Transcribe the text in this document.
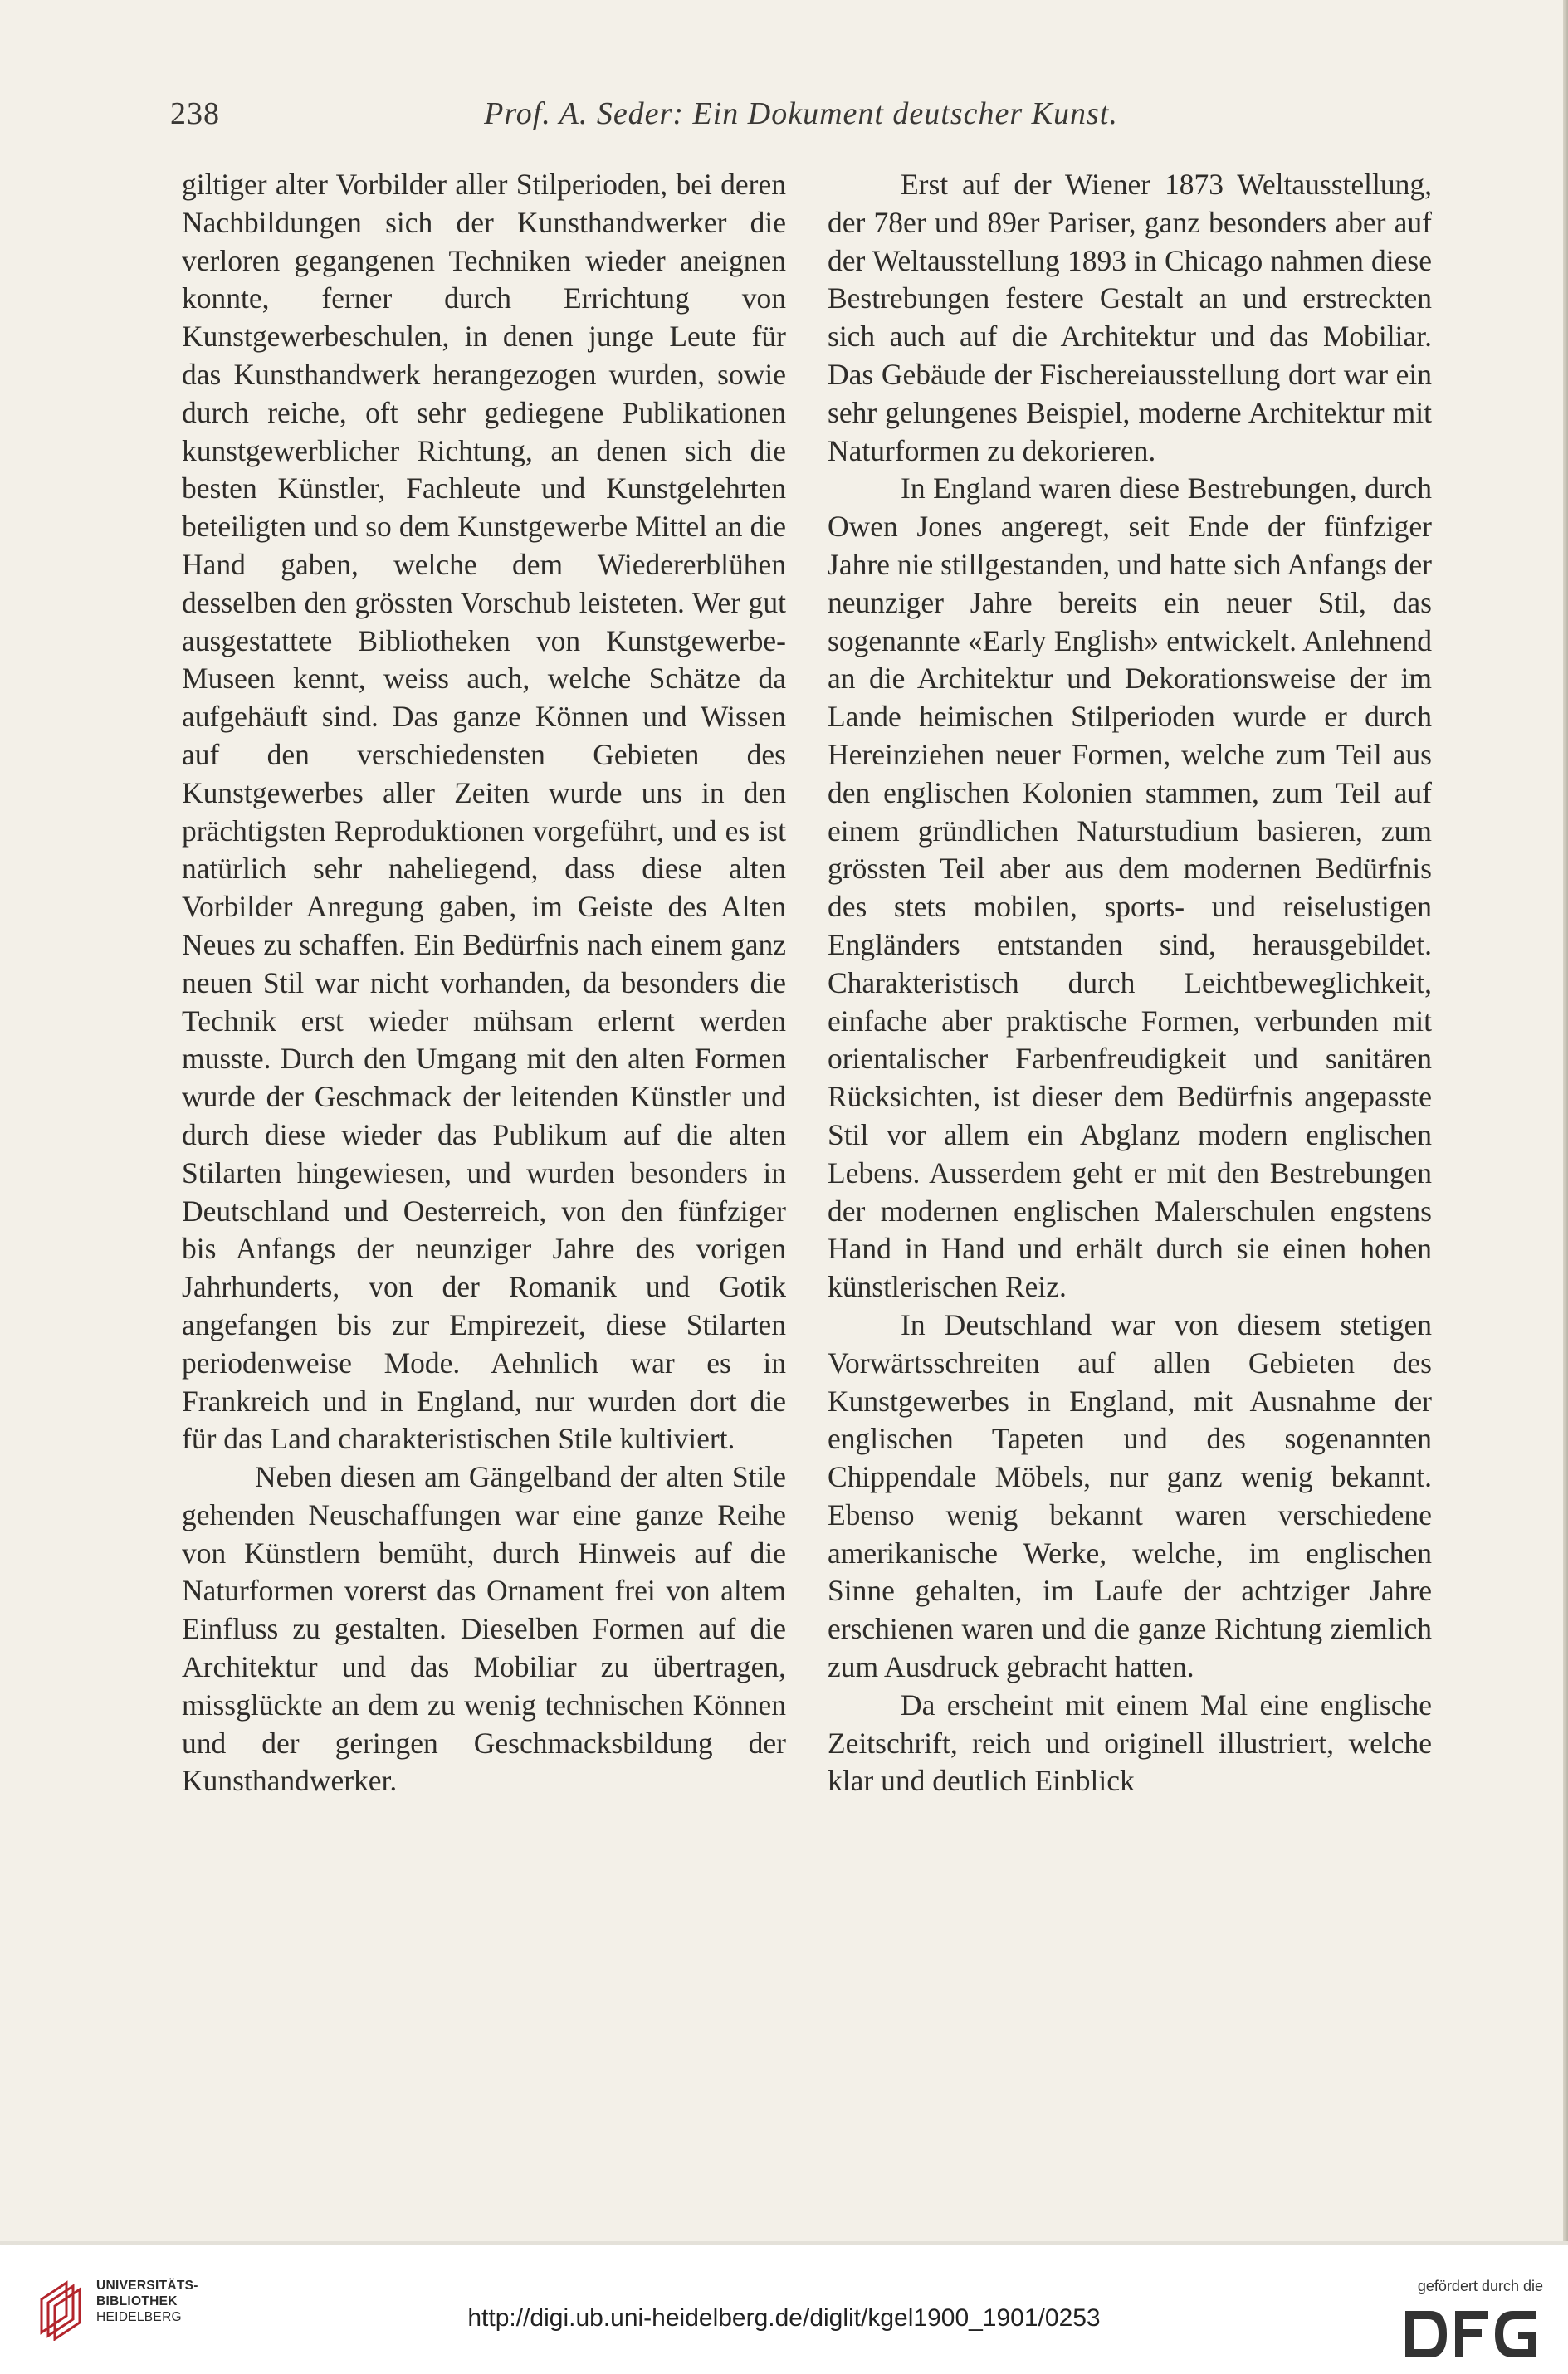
238	Prof. A. Seder: Ein Dokument deutscher Kunst.

giltiger alter Vorbilder aller Stilperioden, bei deren Nachbildungen sich der Kunsthandwerker die verloren gegangenen Techniken wieder aneignen konnte, ferner durch Errichtung von Kunstgewerbeschulen, in denen junge Leute für das Kunsthandwerk herangezogen wurden, sowie durch reiche, oft sehr gediegene Publikationen kunstgewerblicher Richtung, an denen sich die besten Künstler, Fachleute und Kunstgelehrten beteiligten und so dem Kunstgewerbe Mittel an die Hand gaben, welche dem Wiedererblühen desselben den grössten Vorschub leisteten. Wer gut ausgestattete Bibliotheken von Kunstgewerbe-Museen kennt, weiss auch, welche Schätze da aufgehäuft sind. Das ganze Können und Wissen auf den verschiedensten Gebieten des Kunstgewerbes aller Zeiten wurde uns in den prächtigsten Reproduktionen vorgeführt, und es ist natürlich sehr naheliegend, dass diese alten Vorbilder Anregung gaben, im Geiste des Alten Neues zu schaffen. Ein Bedürfnis nach einem ganz neuen Stil war nicht vorhanden, da besonders die Technik erst wieder mühsam erlernt werden musste. Durch den Umgang mit den alten Formen wurde der Geschmack der leitenden Künstler und durch diese wieder das Publikum auf die alten Stilarten hingewiesen, und wurden besonders in Deutschland und Oesterreich, von den fünfziger bis Anfangs der neunziger Jahre des vorigen Jahrhunderts, von der Romanik und Gotik angefangen bis zur Empirezeit, diese Stilarten periodenweise Mode. Aehnlich war es in Frankreich und in England, nur wurden dort die für das Land charakteristischen Stile kultiviert.

Neben diesen am Gängelband der alten Stile gehenden Neuschaffungen war eine ganze Reihe von Künstlern bemüht, durch Hinweis auf die Naturformen vorerst das Ornament frei von altem Einfluss zu gestalten. Dieselben Formen auf die Architektur und das Mobiliar zu übertragen, missglückte an dem zu wenig technischen Können und der geringen Geschmacksbildung der Kunsthandwerker.

Erst auf der Wiener 1873 Weltausstellung, der 78er und 89er Pariser, ganz besonders aber auf der Weltausstellung 1893 in Chicago nahmen diese Bestrebungen festere Gestalt an und erstreckten sich auch auf die Architektur und das Mobiliar. Das Gebäude der Fischereiausstellung dort war ein sehr gelungenes Beispiel, moderne Architektur mit Naturformen zu dekorieren.

In England waren diese Bestrebungen, durch Owen Jones angeregt, seit Ende der fünfziger Jahre nie stillgestanden, und hatte sich Anfangs der neunziger Jahre bereits ein neuer Stil, das sogenannte «Early English» entwickelt. Anlehnend an die Architektur und Dekorationsweise der im Lande heimischen Stilperioden wurde er durch Hereinziehen neuer Formen, welche zum Teil aus den englischen Kolonien stammen, zum Teil auf einem gründlichen Naturstudium basieren, zum grössten Teil aber aus dem modernen Bedürfnis des stets mobilen, sports- und reiselustigen Engländers entstanden sind, herausgebildet. Charakteristisch durch Leichtbeweglichkeit, einfache aber praktische Formen, verbunden mit orientalischer Farbenfreudigkeit und sanitären Rücksichten, ist dieser dem Bedürfnis angepasste Stil vor allem ein Abglanz modern englischen Lebens. Ausserdem geht er mit den Bestrebungen der modernen englischen Malerschulen engstens Hand in Hand und erhält durch sie einen hohen künstlerischen Reiz.

In Deutschland war von diesem stetigen Vorwärtsschreiten auf allen Gebieten des Kunstgewerbes in England, mit Ausnahme der englischen Tapeten und des sogenannten Chippendale Möbels, nur ganz wenig bekannt. Ebenso wenig bekannt waren verschiedene amerikanische Werke, welche, im englischen Sinne gehalten, im Laufe der achtziger Jahre erschienen waren und die ganze Richtung ziemlich zum Ausdruck gebracht hatten.

Da erscheint mit einem Mal eine englische Zeitschrift, reich und originell illustriert, welche klar und deutlich Einblick

UNIVERSITÄTS-
BIBLIOTHEK
HEIDELBERG	http://digi.ub.uni-heidelberg.de/diglit/kgel1900_1901/0253
gefördert durch die
